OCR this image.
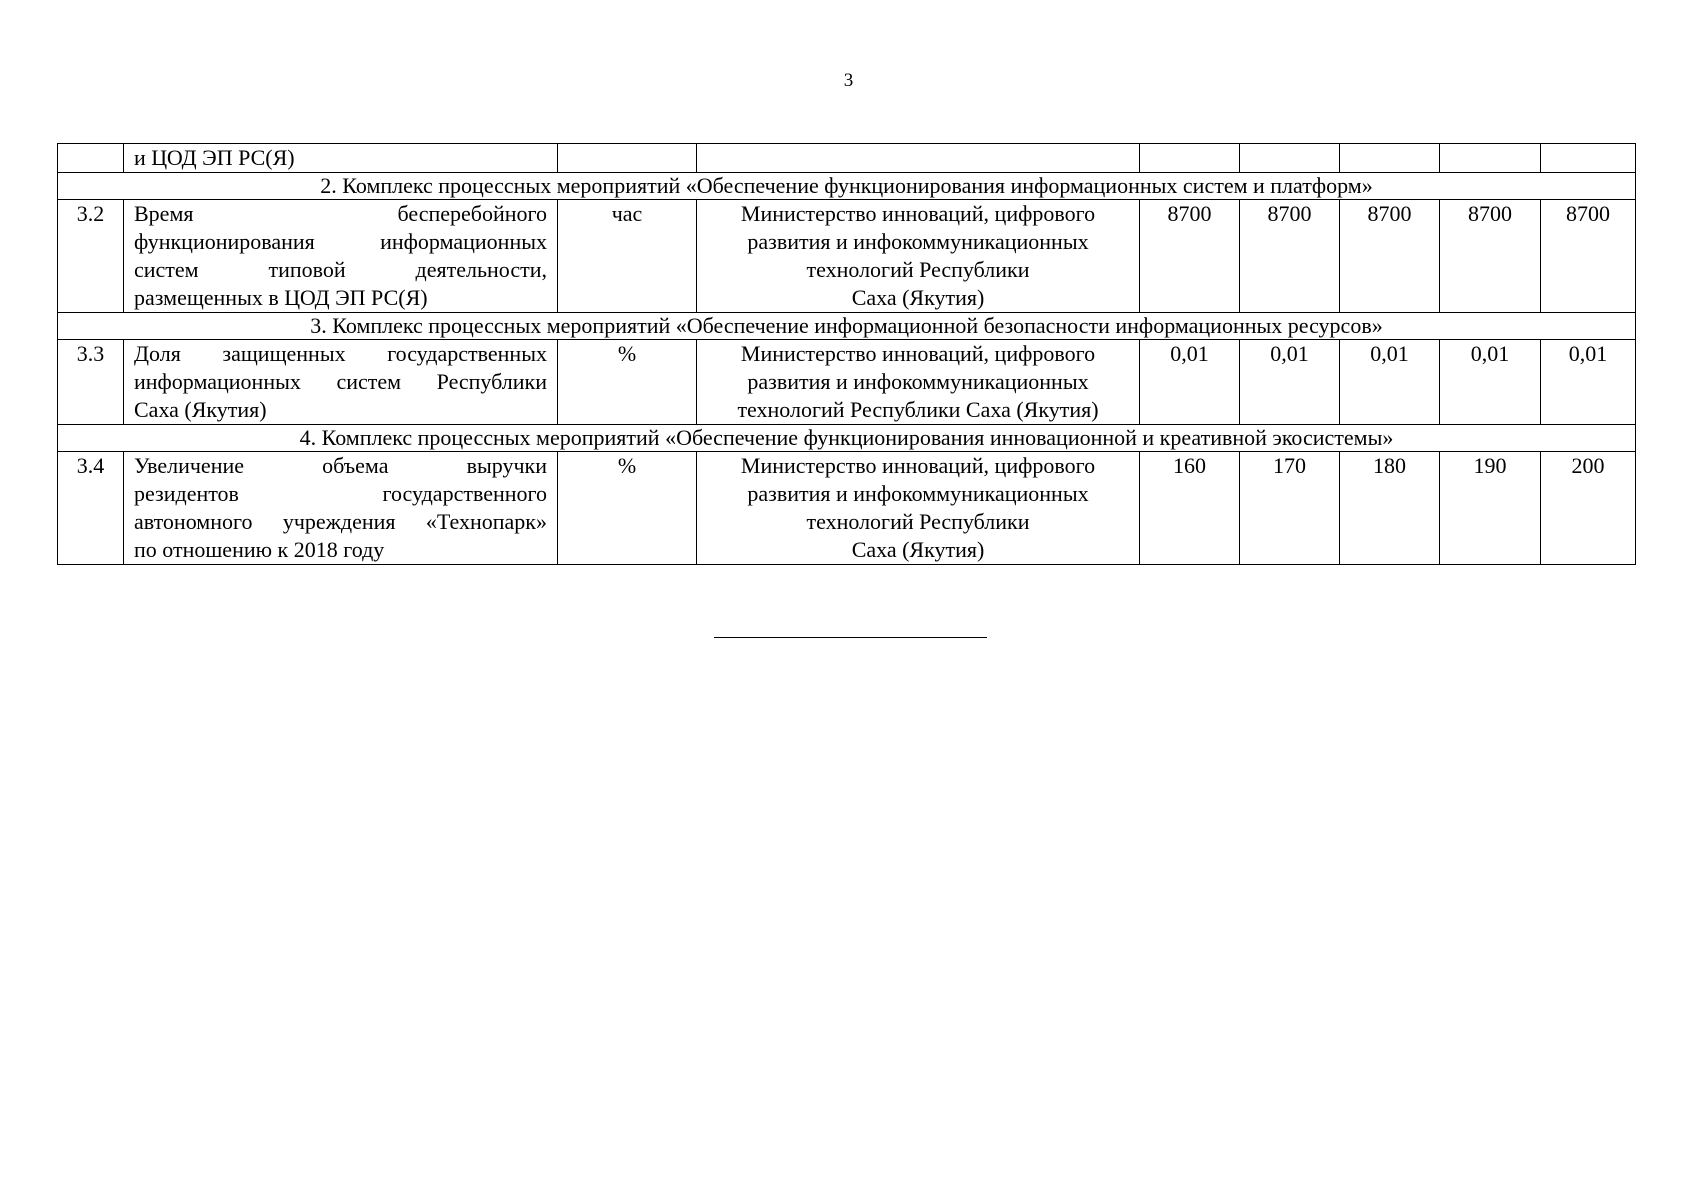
3
	и ЦОД ЭП РС(Я)							
2. Комплекс процессных мероприятий «Обеспечение функционирования информационных систем и платформ»								
3.2	Время бесперебойного
функционирования информационных
систем типовой деятельности,
размещенных в ЦОД ЭП РС(Я)	час	Министерство инноваций, цифрового
развития и инфокоммуникационных
технологий Республики
Саха (Якутия)	8700	8700	8700	8700	8700
3. Комплекс процессных мероприятий «Обеспечение информационной безопасности информационных ресурсов»								
3.3	Доля защищенных государственных
информационных систем Республики
Саха (Якутия)	%	Министерство инноваций, цифрового
развития и инфокоммуникационных
технологий Республики Саха (Якутия)	0,01	0,01	0,01	0,01	0,01
4. Комплекс процессных мероприятий «Обеспечение функционирования инновационной и креативной экосистемы»								
3.4	Увеличение объема выручки
резидентов государственного
автономного учреждения «Технопарк»
по отношению к 2018 году	%	Министерство инноваций, цифрового
развития и инфокоммуникационных
технологий Республики
Саха (Якутия)	160	170	180	190	200
